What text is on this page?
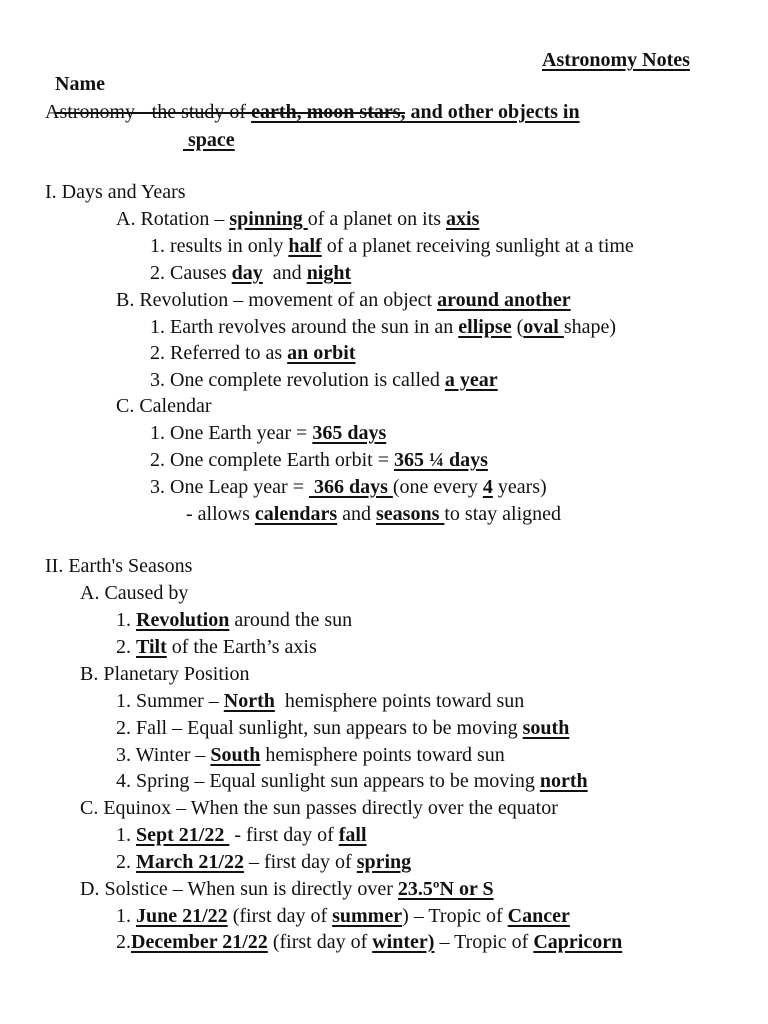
Name

Astronomy Notes
Astronomy - the study of earth, moon stars, and other objects in
space
I. Days and Years
A. Rotation – spinning of a planet on its axis
1. results in only half of a planet receiving sunlight at a time
2. Causes day  and night
B. Revolution – movement of an object around another
1. Earth revolves around the sun in an ellipse (oval shape)
2. Referred to as an orbit
3. One complete revolution is called a year
C. Calendar
1. One Earth year = 365 days
2. One complete Earth orbit = 365 ¼ days
3. One Leap year =  366 days (one every 4 years)
- allows calendars and seasons to stay aligned
II. Earth's Seasons
A. Caused by
1. Revolution around the sun
2. Tilt of the Earth’s axis
B. Planetary Position
1. Summer – North  hemisphere points toward sun
2. Fall – Equal sunlight, sun appears to be moving south
3. Winter – South hemisphere points toward sun
4. Spring – Equal sunlight sun appears to be moving north
C. Equinox – When the sun passes directly over the equator
1. Sept 21/22  - first day of fall
2. March 21/22 – first day of spring
D. Solstice – When sun is directly over 23.5ºN or S
1. June 21/22 (first day of summer) – Tropic of Cancer
2.December 21/22 (first day of winter) – Tropic of Capricorn
